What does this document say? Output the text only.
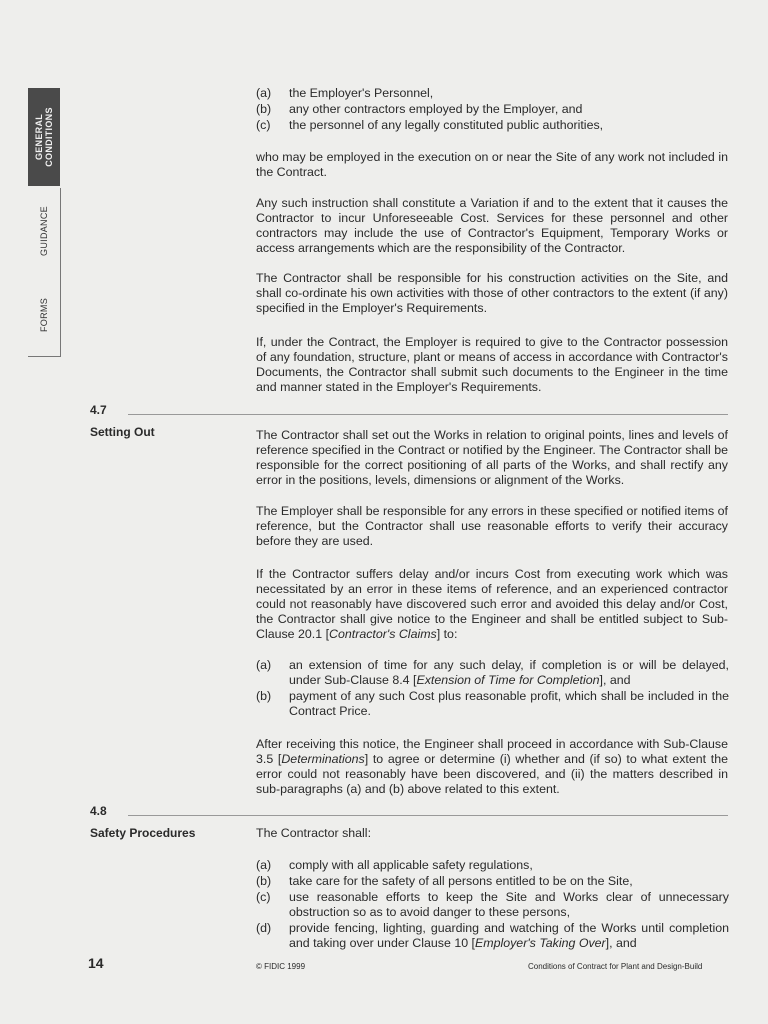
GENERAL
CONDITIONS
GUIDANCE
FORMS
(a) the Employer's Personnel,
(b) any other contractors employed by the Employer, and
(c) the personnel of any legally constituted public authorities,
who may be employed in the execution on or near the Site of any work not included in the Contract.
Any such instruction shall constitute a Variation if and to the extent that it causes the Contractor to incur Unforeseeable Cost. Services for these personnel and other contractors may include the use of Contractor's Equipment, Temporary Works or access arrangements which are the responsibility of the Contractor.
The Contractor shall be responsible for his construction activities on the Site, and shall co-ordinate his own activities with those of other contractors to the extent (if any) specified in the Employer's Requirements.
If, under the Contract, the Employer is required to give to the Contractor possession of any foundation, structure, plant or means of access in accordance with Contractor's Documents, the Contractor shall submit such documents to the Engineer in the time and manner stated in the Employer's Requirements.
4.7
Setting Out	The Contractor shall set out the Works in relation to original points, lines and levels of reference specified in the Contract or notified by the Engineer. The Contractor shall be responsible for the correct positioning of all parts of the Works, and shall rectify any error in the positions, levels, dimensions or alignment of the Works.
The Employer shall be responsible for any errors in these specified or notified items of reference, but the Contractor shall use reasonable efforts to verify their accuracy before they are used.
If the Contractor suffers delay and/or incurs Cost from executing work which was necessitated by an error in these items of reference, and an experienced contractor could not reasonably have discovered such error and avoided this delay and/or Cost, the Contractor shall give notice to the Engineer and shall be entitled subject to Sub-Clause 20.1 [Contractor's Claims] to:
(a) an extension of time for any such delay, if completion is or will be delayed, under Sub-Clause 8.4 [Extension of Time for Completion], and
(b) payment of any such Cost plus reasonable profit, which shall be included in the Contract Price.
After receiving this notice, the Engineer shall proceed in accordance with Sub-Clause 3.5 [Determinations] to agree or determine (i) whether and (if so) to what extent the error could not reasonably have been discovered, and (ii) the matters described in sub-paragraphs (a) and (b) above related to this extent.
4.8
Safety Procedures	The Contractor shall:
(a) comply with all applicable safety regulations,
(b) take care for the safety of all persons entitled to be on the Site,
(c) use reasonable efforts to keep the Site and Works clear of unnecessary obstruction so as to avoid danger to these persons,
(d) provide fencing, lighting, guarding and watching of the Works until completion and taking over under Clause 10 [Employer's Taking Over], and
14	© FIDIC 1999	Conditions of Contract for Plant and Design-Build
